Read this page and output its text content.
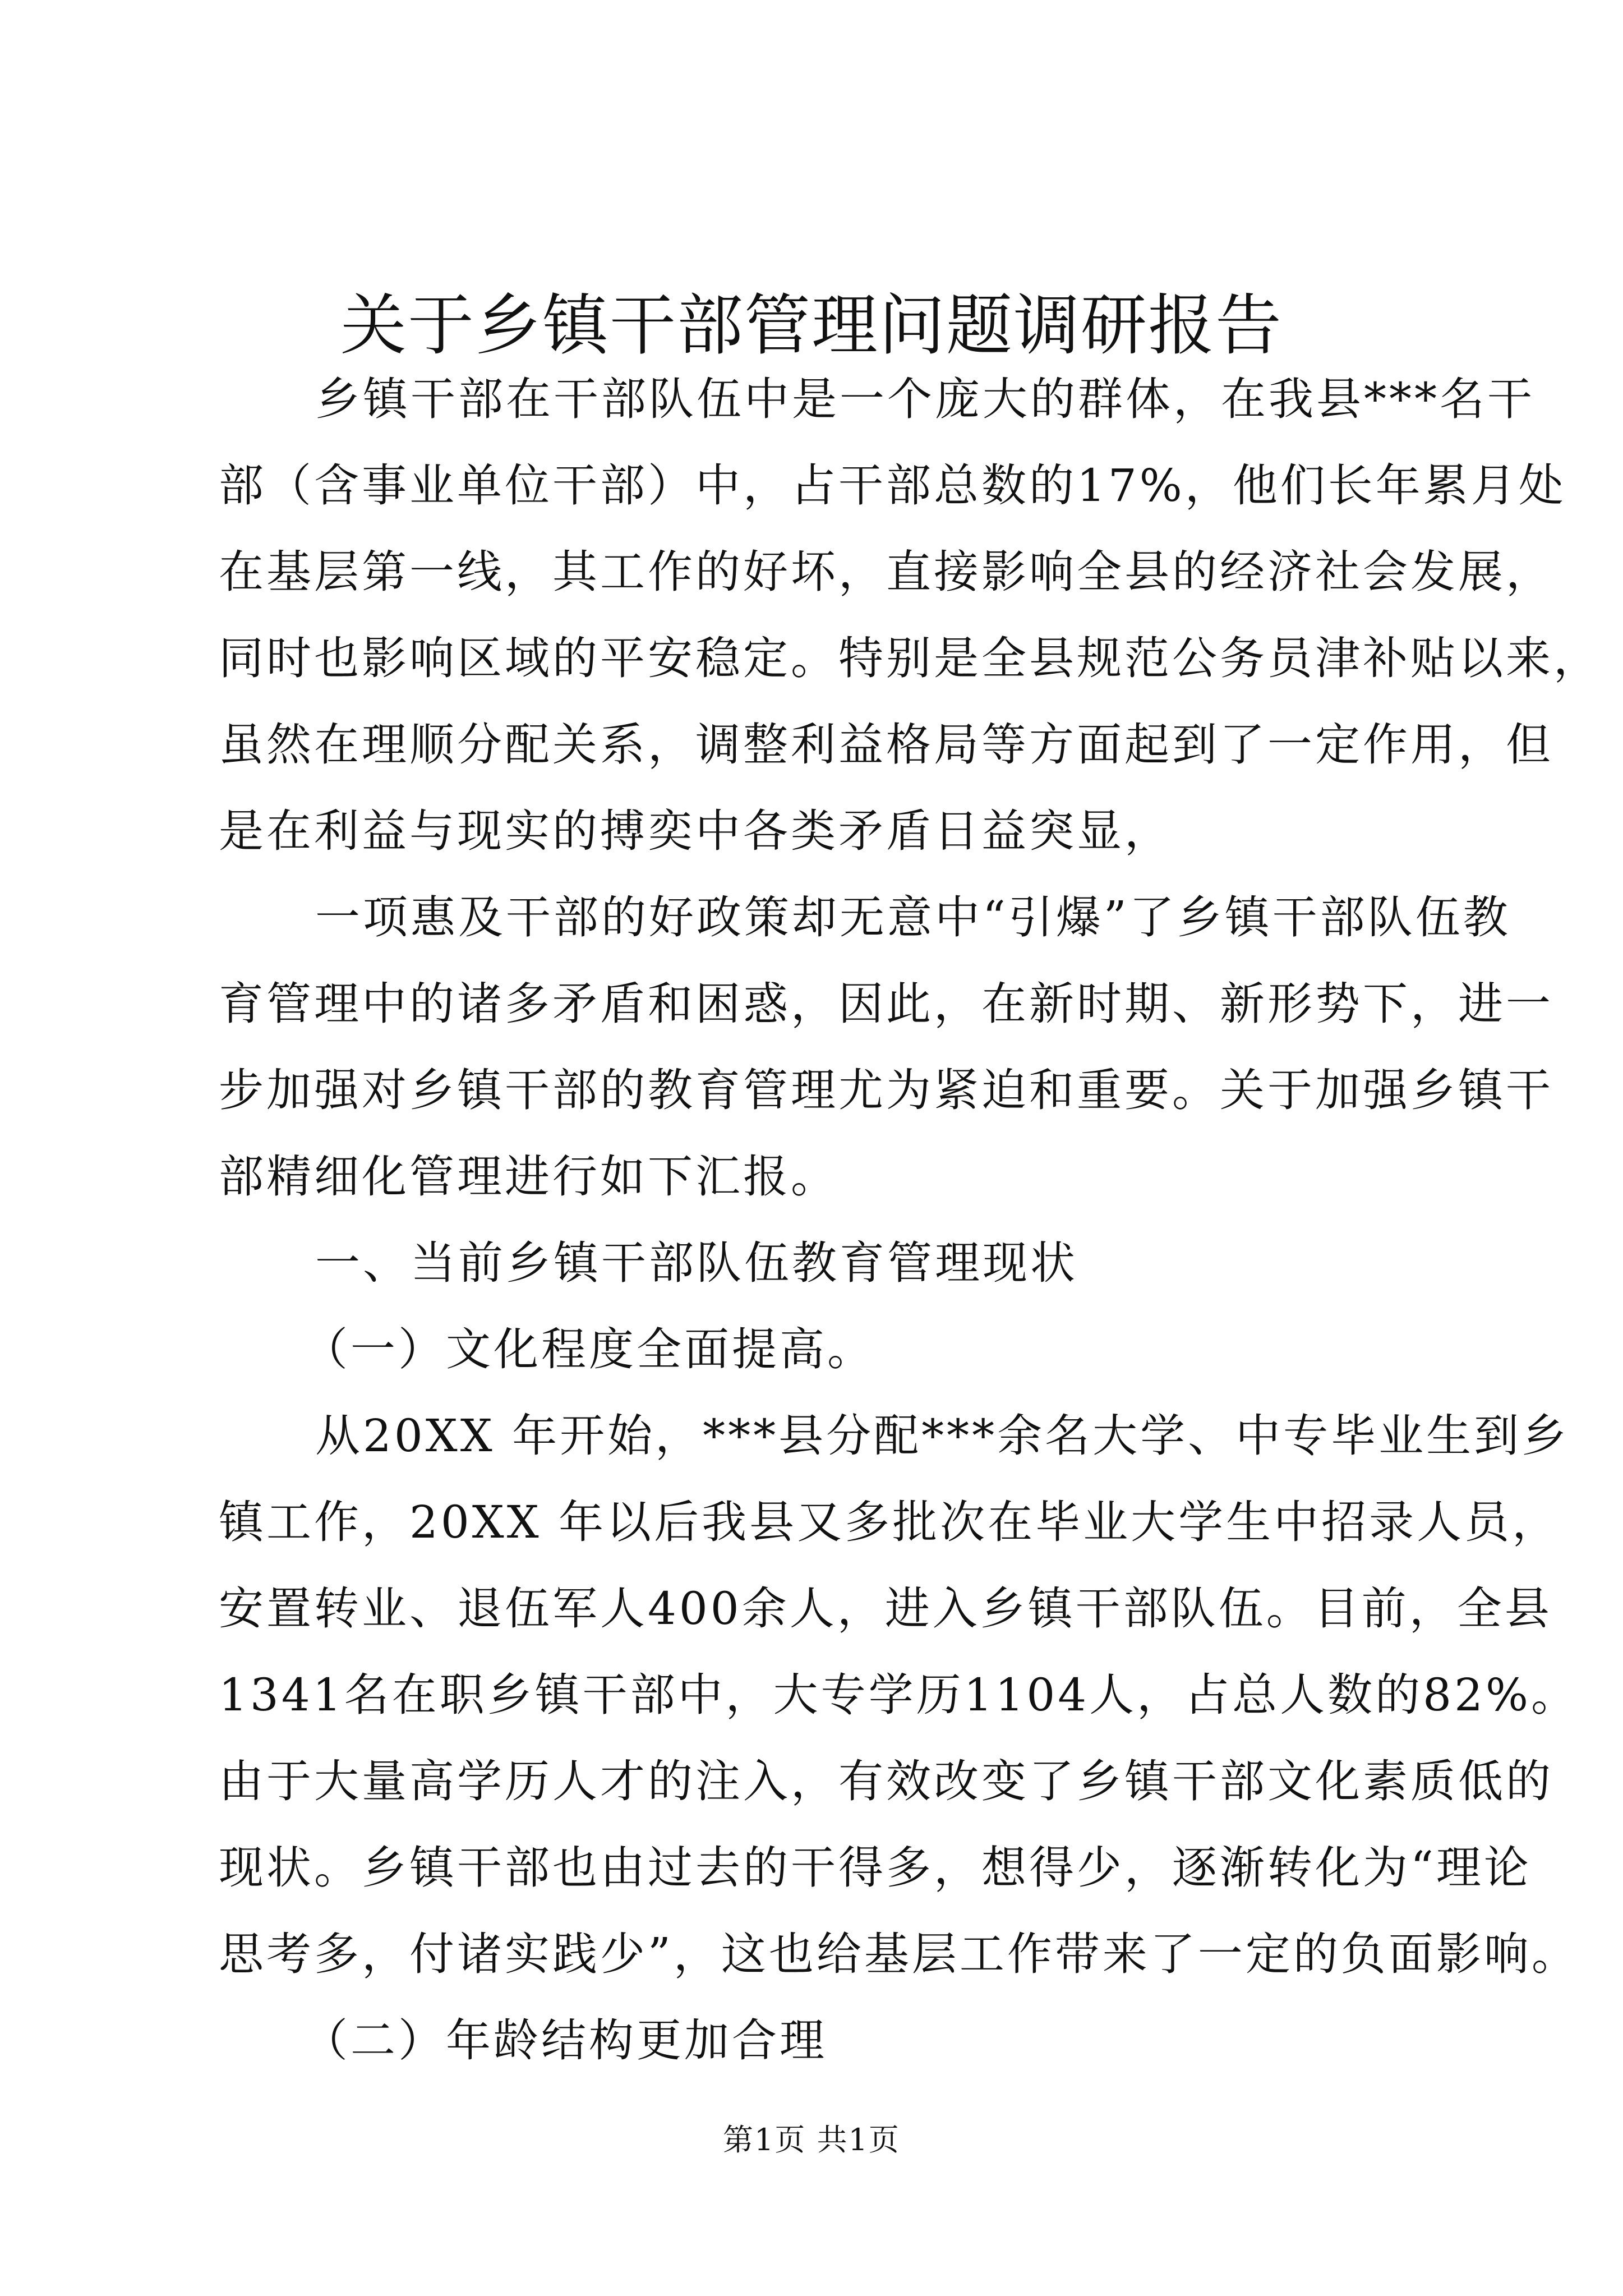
关于乡镇干部管理问题调研报告

乡镇干部在干部队伍中是一个庞大的群体，在我县***名干

部（含事业单位干部）中，占干部总数的17%，他们长年累月处

在基层第一线，其工作的好坏，直接影响全县的经济社会发展，

同时也影响区域的平安稳定。特别是全县规范公务员津补贴以来，

虽然在理顺分配关系，调整利益格局等方面起到了一定作用，但

是在利益与现实的搏奕中各类矛盾日益突显，

一项惠及干部的好政策却无意中“引爆”了乡镇干部队伍教

育管理中的诸多矛盾和困惑，因此，在新时期、新形势下，进一

步加强对乡镇干部的教育管理尤为紧迫和重要。关于加强乡镇干

部精细化管理进行如下汇报。

一、当前乡镇干部队伍教育管理现状

（一）文化程度全面提高。

从20XX 年开始，***县分配***余名大学、中专毕业生到乡

镇工作，20XX 年以后我县又多批次在毕业大学生中招录人员，

安置转业、退伍军人400余人，进入乡镇干部队伍。目前，全县

1341名在职乡镇干部中，大专学历1104人，占总人数的82%。

由于大量高学历人才的注入，有效改变了乡镇干部文化素质低的

现状。乡镇干部也由过去的干得多，想得少，逐渐转化为“理论

思考多，付诸实践少”，这也给基层工作带来了一定的负面影响。

（二）年龄结构更加合理

第1页 共1页
